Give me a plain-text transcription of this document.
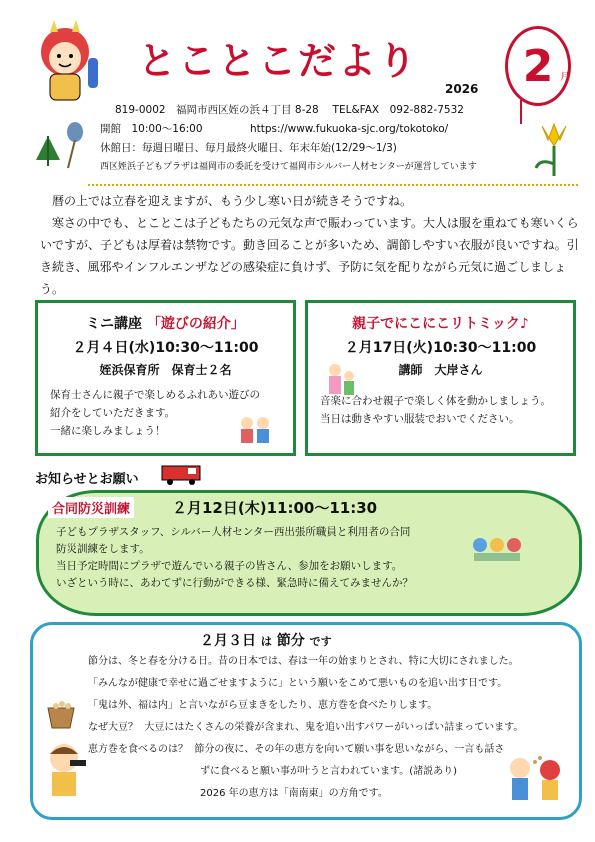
とことこだより
2026 2 月
819-0002　福岡市西区姪の浜４丁目 8-28　 TEL&FAX　092-882-7532
開館　10:00～16:00	https://www.fukuoka-sjc.org/tokotoko/
休館日：毎週日曜日、毎月最終火曜日、年末年始(12/29～1/3)
西区姪浜子どもプラザは福岡市の委託を受けて福岡市シルバー人材センターが運営しています

暦の上では立春を迎えますが、もう少し寒い日が続きそうですね。

寒さの中でも、とことこは子どもたちの元気な声で賑わっています。大人は服を重ねても寒いくらいですが、子どもは厚着は禁物です。動き回ることが多いため、調節しやすい衣服が良いですね。引き続き、風邪やインフルエンザなどの感染症に負けず、予防に気を配りながら元気に過ごしましょう。

ミニ講座 「遊びの紹介」
２月４日(水)10:30～11:00
姪浜保育所　保育士２名
保育士さんに親子で楽しめるふれあい遊びの
紹介をしていただきます。
一緒に楽しみましょう！
親子でにこにこリトミック♪
２月17日(火)10:30～11:00
講師　大岸さん
音楽に合わせ親子で楽しく体を動かしましょう。
当日は動きやすい服装でおいでください。
お知らせとお願い
合同防災訓練	２月12日(木)11:00～11:30
子どもプラザスタッフ、シルバー人材センター西出張所職員と利用者の合同
防災訓練をします。
当日予定時間にプラザで遊んでいる親子の皆さん、参加をお願いします。
いざという時に、あわてずに行動ができる様、緊急時に備えてみませんか？
２月３日 は 節分 です
節分は、冬と春を分ける日。昔の日本では、春は一年の始まりとされ、特に大切にされました。
「みんなが健康で幸せに過ごせますように」という願いをこめて悪いものを追い出す日です。
「鬼は外、福は内」と言いながら豆まきをしたり、恵方巻を食べたりします。
なぜ大豆？ 大豆にはたくさんの栄養が含まれ、鬼を追い出すパワーがいっぱい詰まっています。
恵方巻を食べるのは？ 節分の夜に、その年の恵方を向いて願い事を思いながら、一言も話さ
ずに食べると願い事が叶うと言われています。(諸説あり)
2026 年の恵方は「南南東」の方角です。
